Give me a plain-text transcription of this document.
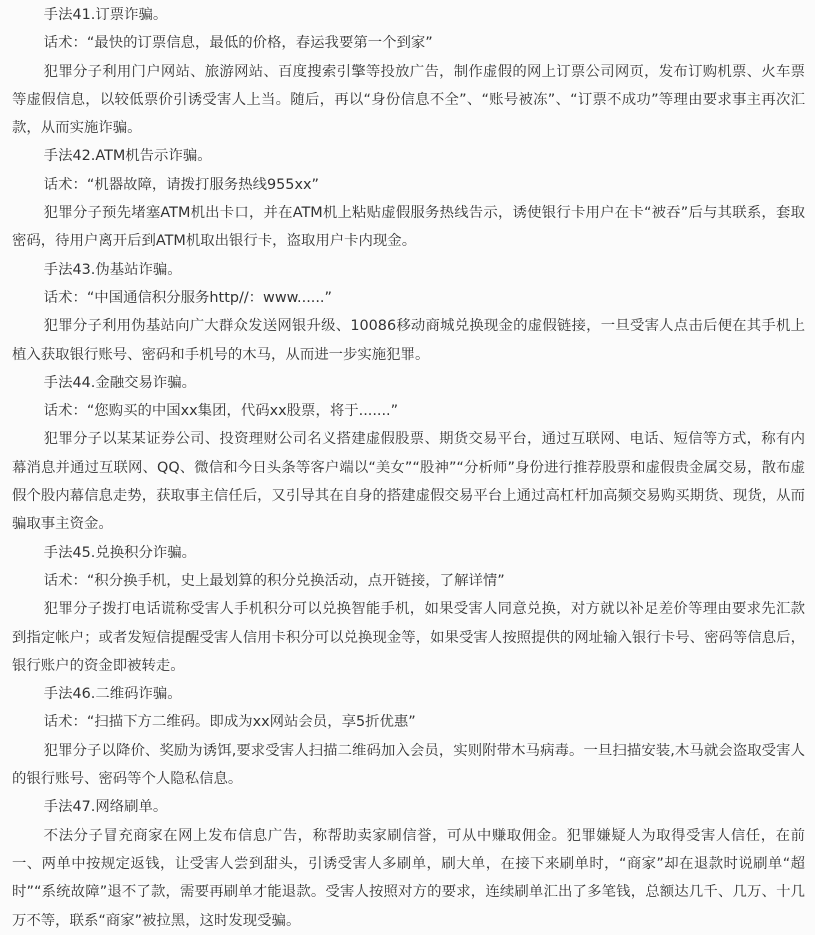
手法41.订票诈骗。

话术：“最快的订票信息，最低的价格，春运我要第一个到家”

犯罪分子利用门户网站、旅游网站、百度搜索引擎等投放广告，制作虚假的网上订票公司网页，发布订购机票、火车票等虚假信息，以较低票价引诱受害人上当。随后，再以“身份信息不全”、“账号被冻”、“订票不成功”等理由要求事主再次汇款，从而实施诈骗。

手法42.ATM机告示诈骗。

话术：“机器故障，请拨打服务热线955xx”

犯罪分子预先堵塞ATM机出卡口，并在ATM机上粘贴虚假服务热线告示，诱使银行卡用户在卡“被吞”后与其联系，套取密码，待用户离开后到ATM机取出银行卡，盗取用户卡内现金。

手法43.伪基站诈骗。

话术：“中国通信积分服务http//：www......”

犯罪分子利用伪基站向广大群众发送网银升级、10086移动商城兑换现金的虚假链接，一旦受害人点击后便在其手机上植入获取银行账号、密码和手机号的木马，从而进一步实施犯罪。

手法44.金融交易诈骗。

话术：“您购买的中国xx集团，代码xx股票，将于.......”

犯罪分子以某某证券公司、投资理财公司名义搭建虚假股票、期货交易平台，通过互联网、电话、短信等方式，称有内幕消息并通过互联网、QQ、微信和今日头条等客户端以“美女”“股神”“分析师”身份进行推荐股票和虚假贵金属交易，散布虚假个股内幕信息走势，获取事主信任后，又引导其在自身的搭建虚假交易平台上通过高杠杆加高频交易购买期货、现货，从而骗取事主资金。

手法45.兑换积分诈骗。

话术：“积分换手机，史上最划算的积分兑换活动，点开链接，了解详情”

犯罪分子拨打电话谎称受害人手机积分可以兑换智能手机，如果受害人同意兑换，对方就以补足差价等理由要求先汇款到指定帐户；或者发短信提醒受害人信用卡积分可以兑换现金等，如果受害人按照提供的网址输入银行卡号、密码等信息后，银行账户的资金即被转走。

手法46.二维码诈骗。

话术：“扫描下方二维码。即成为xx网站会员，享5折优惠”

犯罪分子以降价、奖励为诱饵,要求受害人扫描二维码加入会员，实则附带木马病毒。一旦扫描安装,木马就会盗取受害人的银行账号、密码等个人隐私信息。

手法47.网络刷单。

不法分子冒充商家在网上发布信息广告，称帮助卖家刷信誉，可从中赚取佣金。犯罪嫌疑人为取得受害人信任，在前一、两单中按规定返钱，让受害人尝到甜头，引诱受害人多刷单，刷大单，在接下来刷单时，“商家”却在退款时说刷单“超时”“系统故障”退不了款，需要再刷单才能退款。受害人按照对方的要求，连续刷单汇出了多笔钱，总额达几千、几万、十几万不等，联系“商家”被拉黑，这时发现受骗。
